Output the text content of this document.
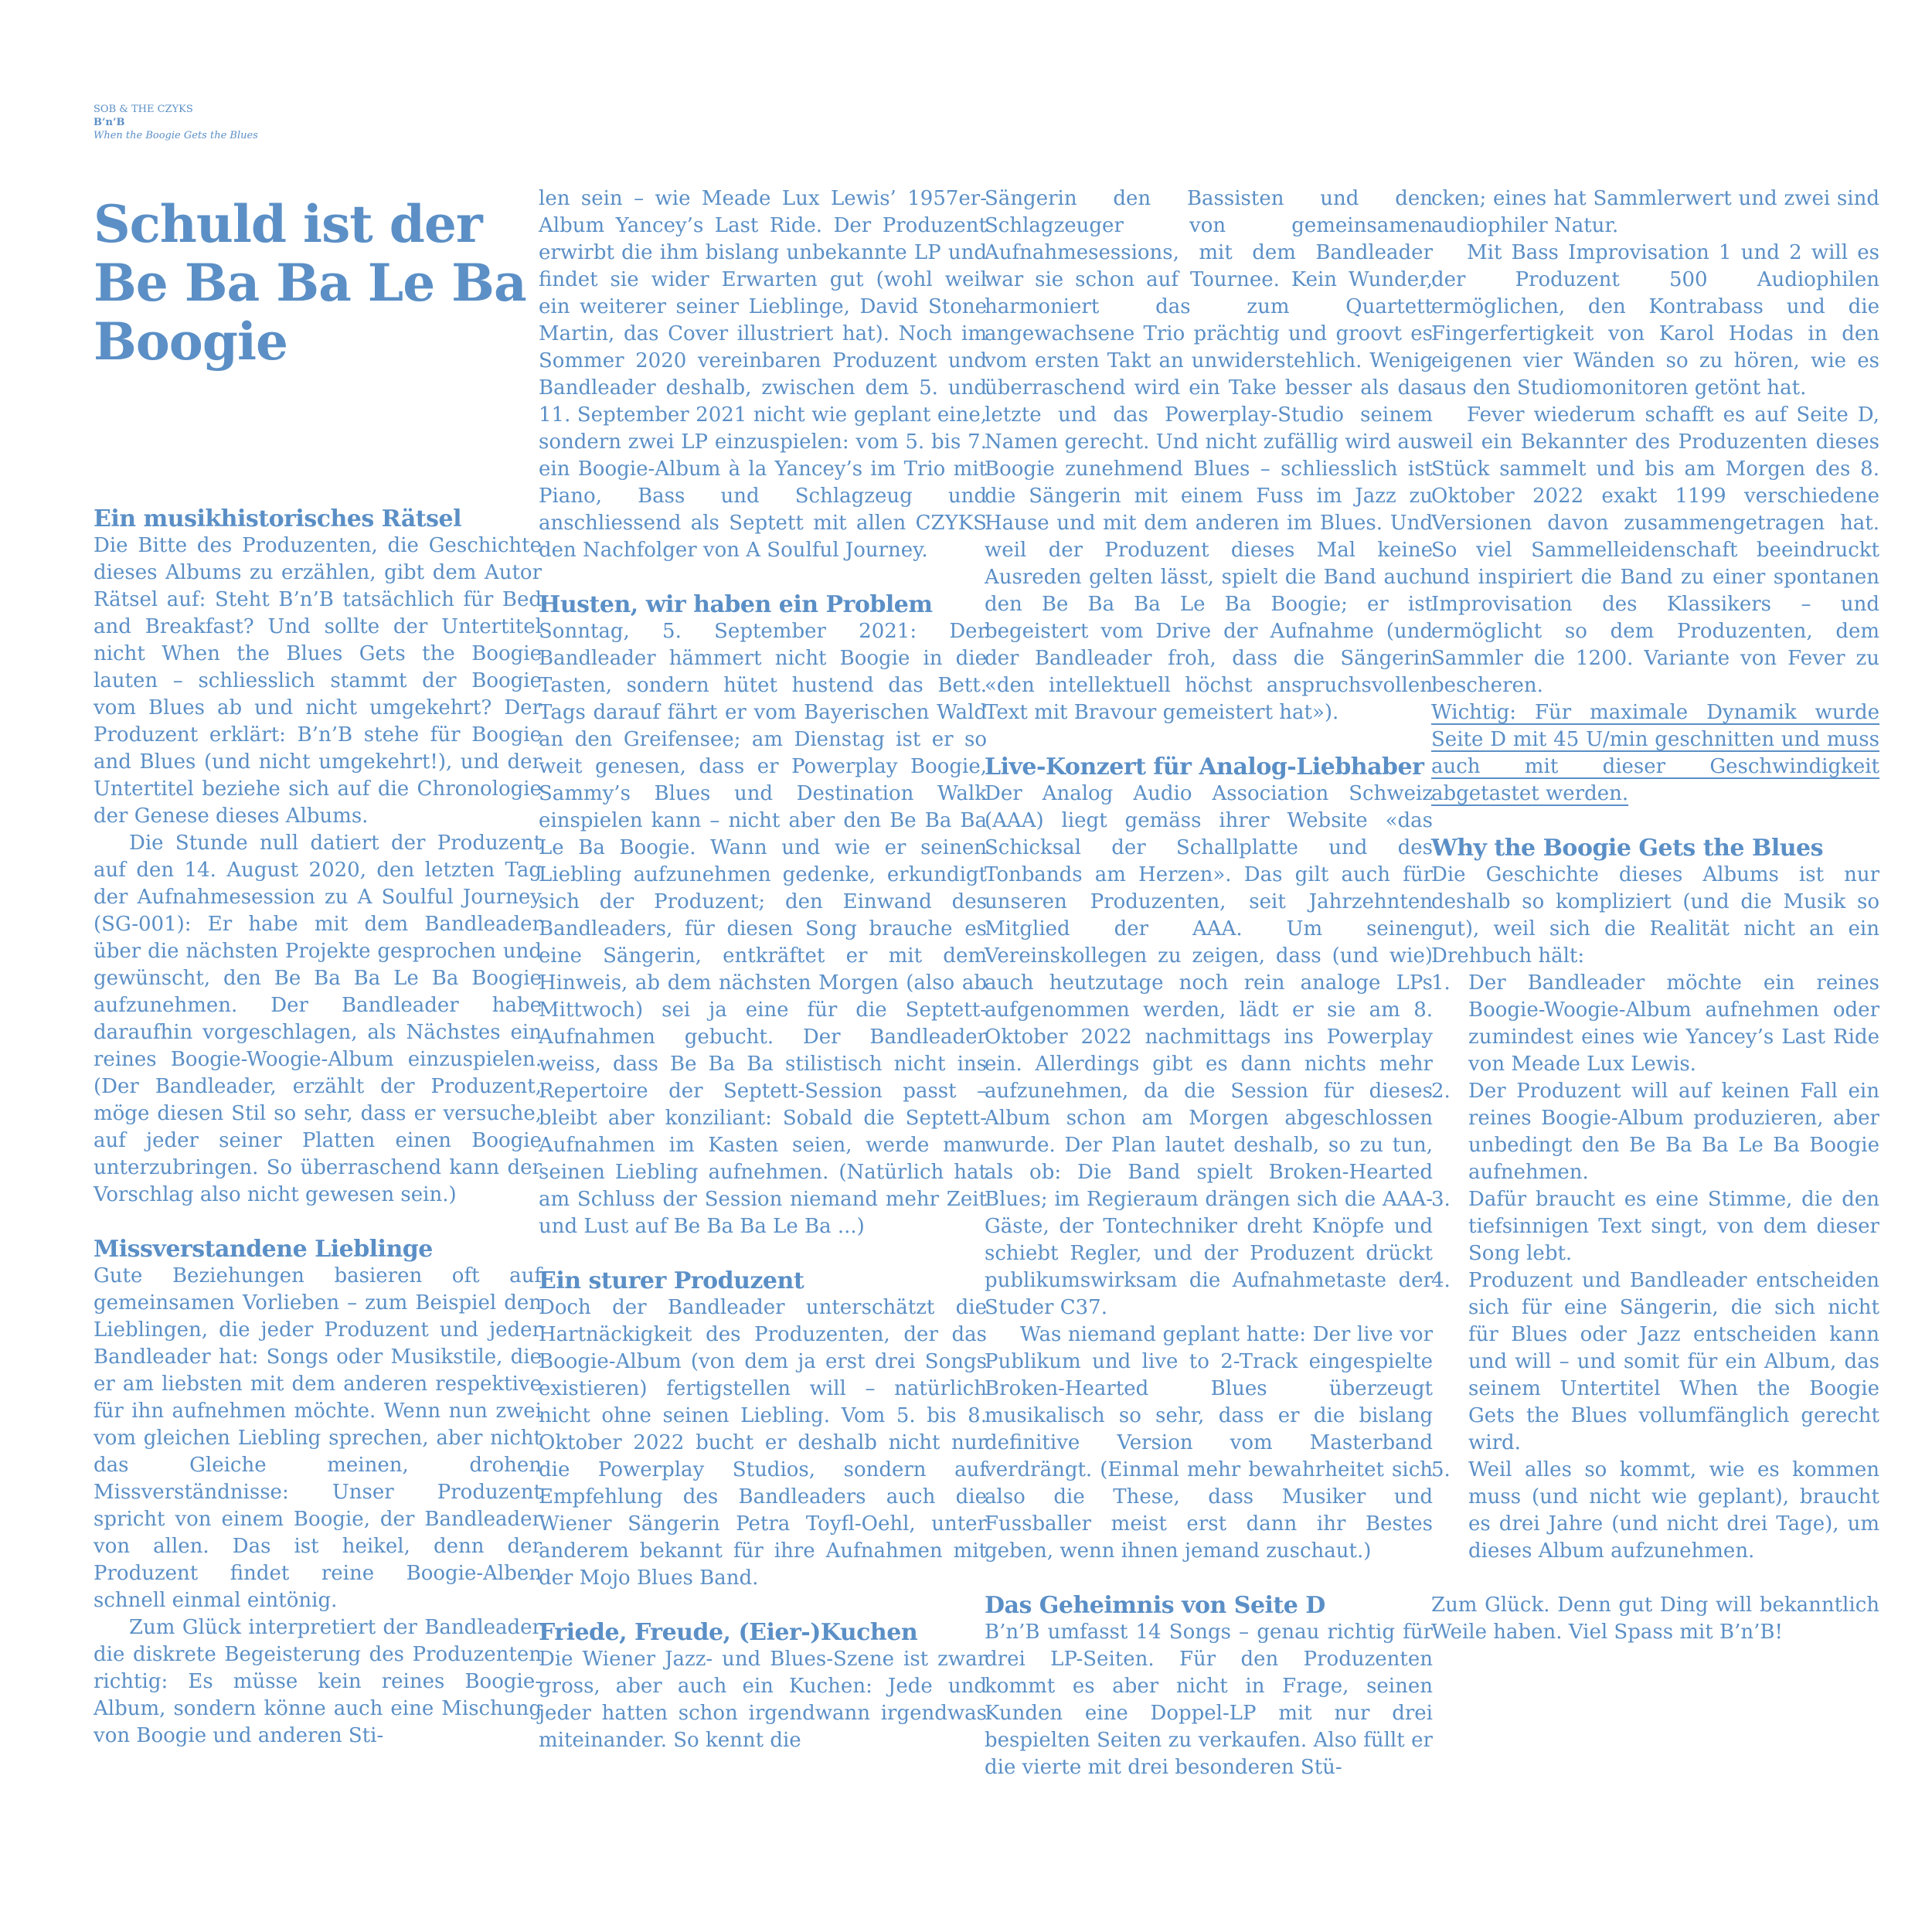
SOB & THE CZYKS
B’n’B
When the Boogie Gets the Blues
Schuld ist der
Be Ba Ba Le Ba
Boogie
Ein musikhistorisches Rätsel

Die Bitte des Produzenten, die Geschichte dieses Albums zu erzählen, gibt dem Autor Rätsel auf: Steht B’n’B tatsächlich für Bed and Breakfast? Und sollte der Untertitel nicht When the Blues Gets the Boogie lauten – schliesslich stammt der Boogie vom Blues ab und nicht umgekehrt? Der Produzent erklärt: B’n’B stehe für Boogie and Blues (und nicht umgekehrt!), und der Untertitel beziehe sich auf die Chronologie der Genese dieses Albums.

Die Stunde null datiert der Produzent auf den 14. August 2020, den letzten Tag der Aufnahmesession zu A Soulful Journey (SG-001): Er habe mit dem Bandleader über die nächsten Projekte gesprochen und gewünscht, den Be Ba Ba Le Ba Boogie aufzunehmen. Der Bandleader habe daraufhin vorgeschlagen, als Nächstes ein reines Boogie-Woogie-Album einzuspielen. (Der Bandleader, erzählt der Produzent, möge diesen Stil so sehr, dass er versuche, auf jeder seiner Platten einen Boogie unterzubringen. So überraschend kann der Vorschlag also nicht gewesen sein.)

Missverstandene Lieblinge

Gute Beziehungen basieren oft auf gemeinsamen Vorlieben – zum Beispiel den Lieblingen, die jeder Produzent und jeder Bandleader hat: Songs oder Musikstile, die er am liebsten mit dem anderen respektive für ihn aufnehmen möchte. Wenn nun zwei vom gleichen Liebling sprechen, aber nicht das Gleiche meinen, drohen Missverständnisse: Unser Produzent spricht von einem Boogie, der Bandleader von allen. Das ist heikel, denn der Produzent findet reine Boogie-Alben schnell einmal eintönig.

Zum Glück interpretiert der Bandleader die diskrete Begeisterung des Produzenten richtig: Es müsse kein reines Boogie-Album, sondern könne auch eine Mischung von Boogie und anderen Sti-

len sein – wie Meade Lux Lewis’ 1957er-Album Yancey’s Last Ride. Der Produzent erwirbt die ihm bislang unbekannte LP und findet sie wider Erwarten gut (wohl weil ein weiterer seiner Lieblinge, David Stone Martin, das Cover illustriert hat). Noch im Sommer 2020 vereinbaren Produzent und Bandleader deshalb, zwischen dem 5. und 11. September 2021 nicht wie geplant eine, sondern zwei LP einzuspielen: vom 5. bis 7. ein Boogie-Album à la Yancey’s im Trio mit Piano, Bass und Schlagzeug und anschliessend als Septett mit allen CZYKS den Nachfolger von A Soulful Journey.

Husten, wir haben ein Problem

Sonntag, 5. September 2021: Der Bandleader hämmert nicht Boogie in die Tasten, sondern hütet hustend das Bett. Tags darauf fährt er vom Bayerischen Wald an den Greifensee; am Dienstag ist er so weit genesen, dass er Powerplay Boogie, Sammy’s Blues und Destination Walk einspielen kann – nicht aber den Be Ba Ba Le Ba Boogie. Wann und wie er seinen Liebling aufzunehmen gedenke, erkundigt sich der Produzent; den Einwand des Bandleaders, für diesen Song brauche es eine Sängerin, entkräftet er mit dem Hinweis, ab dem nächsten Morgen (also ab Mittwoch) sei ja eine für die Septett-Aufnahmen gebucht. Der Bandleader weiss, dass Be Ba Ba stilistisch nicht ins Repertoire der Septett-Session passt – bleibt aber konziliant: Sobald die Septett-Aufnahmen im Kasten seien, werde man seinen Liebling aufnehmen. (Natürlich hat am Schluss der Session niemand mehr Zeit und Lust auf Be Ba Ba Le Ba ...)

Ein sturer Produzent

Doch der Bandleader unterschätzt die Hartnäckigkeit des Produzenten, der das Boogie-Album (von dem ja erst drei Songs existieren) fertigstellen will – natürlich nicht ohne seinen Liebling. Vom 5. bis 8. Oktober 2022 bucht er deshalb nicht nur die Powerplay Studios, sondern auf Empfehlung des Bandleaders auch die Wiener Sängerin Petra Toyfl-Oehl, unter anderem bekannt für ihre Aufnahmen mit der Mojo Blues Band.

Friede, Freude, (Eier-)Kuchen

Die Wiener Jazz- und Blues-Szene ist zwar gross, aber auch ein Kuchen: Jede und jeder hatten schon irgendwann irgendwas miteinander. So kennt die

Sängerin den Bassisten und den Schlagzeuger von gemeinsamen Aufnahmesessions, mit dem Bandleader war sie schon auf Tournee. Kein Wunder, harmoniert das zum Quartett angewachsene Trio prächtig und groovt es vom ersten Takt an unwiderstehlich. Wenig überraschend wird ein Take besser als das letzte und das Powerplay-Studio seinem Namen gerecht. Und nicht zufällig wird aus Boogie zunehmend Blues – schliesslich ist die Sängerin mit einem Fuss im Jazz zu Hause und mit dem anderen im Blues. Und weil der Produzent dieses Mal keine Ausreden gelten lässt, spielt die Band auch den Be Ba Ba Le Ba Boogie; er ist begeistert vom Drive der Aufnahme (und der Bandleader froh, dass die Sängerin «den intellektuell höchst anspruchsvollen Text mit Bravour gemeistert hat»).

Live-Konzert für Analog-Liebhaber

Der Analog Audio Association Schweiz (AAA) liegt gemäss ihrer Website «das Schicksal der Schallplatte und des Tonbands am Herzen». Das gilt auch für unseren Produzenten, seit Jahrzehnten Mitglied der AAA. Um seinen Vereinskollegen zu zeigen, dass (und wie) auch heutzutage noch rein analoge LPs aufgenommen werden, lädt er sie am 8. Oktober 2022 nachmittags ins Powerplay ein. Allerdings gibt es dann nichts mehr aufzunehmen, da die Session für dieses Album schon am Morgen abgeschlossen wurde. Der Plan lautet deshalb, so zu tun, als ob: Die Band spielt Broken-Hearted Blues; im Regieraum drängen sich die AAA-Gäste, der Tontechniker dreht Knöpfe und schiebt Regler, und der Produzent drückt publikumswirksam die Aufnahmetaste der Studer C37.

Was niemand geplant hatte: Der live vor Publikum und live to 2-Track eingespielte Broken-Hearted Blues überzeugt musikalisch so sehr, dass er die bislang definitive Version vom Masterband verdrängt. (Einmal mehr bewahrheitet sich also die These, dass Musiker und Fussballer meist erst dann ihr Bestes geben, wenn ihnen jemand zuschaut.)

Das Geheimnis von Seite D

B’n’B umfasst 14 Songs – genau richtig für drei LP-Seiten. Für den Produzenten kommt es aber nicht in Frage, seinen Kunden eine Doppel-LP mit nur drei bespielten Seiten zu verkaufen. Also füllt er die vierte mit drei besonderen Stü-

cken; eines hat Sammlerwert und zwei sind audiophiler Natur.

Mit Bass Improvisation 1 und 2 will es der Produzent 500 Audiophilen ermöglichen, den Kontrabass und die Fingerfertigkeit von Karol Hodas in den eigenen vier Wänden so zu hören, wie es aus den Studiomonitoren getönt hat.

Fever wiederum schafft es auf Seite D, weil ein Bekannter des Produzenten dieses Stück sammelt und bis am Morgen des 8. Oktober 2022 exakt 1199 verschiedene Versionen davon zusammengetragen hat. So viel Sammelleidenschaft beeindruckt und inspiriert die Band zu einer spontanen Improvisation des Klassikers – und ermöglicht so dem Produzenten, dem Sammler die 1200. Variante von Fever zu bescheren.

Wichtig: Für maximale Dynamik wurde Seite D mit 45 U/min geschnitten und muss auch mit dieser Geschwindigkeit abgetastet werden.

Why the Boogie Gets the Blues

Die Geschichte dieses Albums ist nur deshalb so kompliziert (und die Musik so gut), weil sich die Realität nicht an ein Drehbuch hält:

1. Der Bandleader möchte ein reines Boogie-Woogie-Album aufnehmen oder zumindest eines wie Yancey’s Last Ride von Meade Lux Lewis.
2. Der Produzent will auf keinen Fall ein reines Boogie-Album produzieren, aber unbedingt den Be Ba Ba Le Ba Boogie aufnehmen.
3. Dafür braucht es eine Stimme, die den tiefsinnigen Text singt, von dem dieser Song lebt.
4. Produzent und Bandleader entscheiden sich für eine Sängerin, die sich nicht für Blues oder Jazz entscheiden kann und will – und somit für ein Album, das seinem Untertitel When the Boogie Gets the Blues vollumfänglich gerecht wird.
5. Weil alles so kommt, wie es kommen muss (und nicht wie geplant), braucht es drei Jahre (und nicht drei Tage), um dieses Album aufzunehmen.

Zum Glück. Denn gut Ding will bekanntlich Weile haben. Viel Spass mit B’n’B!
